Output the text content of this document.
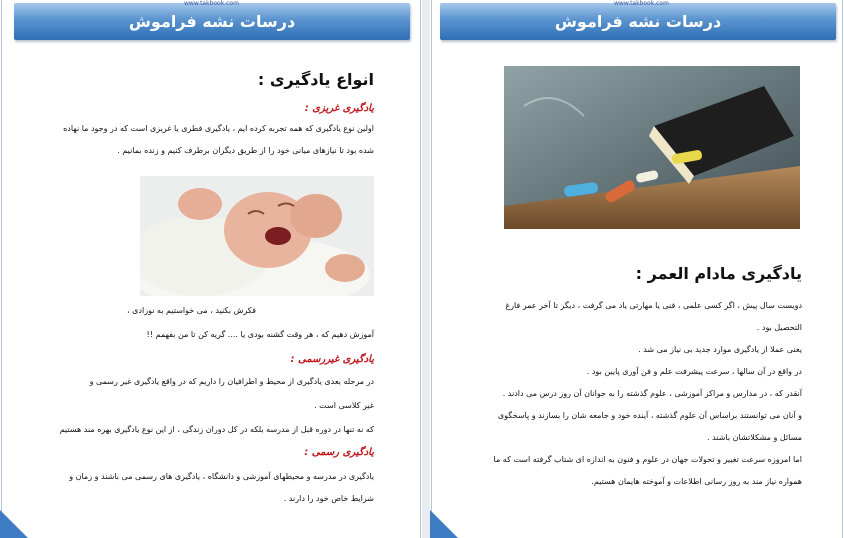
درسات نشه فراموش
www.takbook.com
انواع یادگیری :
یادگیری غریزی :
اولین نوع یادگیری که همه تجربه کرده ایم ، یادگیری فطری یا غریزی است که در وجود ما نهاده
شده بود تا نیازهای میانی خود را از طریق دیگران برطرف کنیم و زنده بمانیم .
فکرش بکنید ، می خواستیم به نوزادی ،
آموزش دهیم که ، هر وقت گشنه بودی یا .... گریه کن تا من بفهمم !!
یادگیری غیررسمی :
در مرحله بعدی یادگیری از محیط و اطرافیان را داریم که در واقع یادگیری غیر رسمی و
غیر کلاسی است .
که نه تنها در دوره قبل از مدرسه بلکه در کل دوران زندگی ، از این نوع یادگیری بهره مند هستیم
یادگیری رسمی :
یادگیری در مدرسه و محیطهای آموزشی و دانشگاه ، یادگیری های رسمی می باشند و زمان و
شرایط خاص خود را دارند .
درسات نشه فراموش
www.takbook.com
یادگیری مادام العمر :
دویست سال پیش ، اگر کسی علمی ، فنی یا مهارتی یاد می گرفت ، دیگر تا آخر عمر فارغ
التحصیل بود .
یعنی عملا از یادگیری موارد جدید بی نیاز می شد .
در واقع در آن سالها ، سرعت پیشرفت علم و فن آوری پایین بود .
آنقدر که ، در مدارس و مراکز آموزشی ، علوم گذشته را به جوانان آن روز درس می دادند .
و آنان می توانستند براساس آن علوم گذشته ، آینده خود و جامعه شان را بسازند و پاسخگوی
مسائل و مشکلاتشان باشند .
اما امروزه سرعت تغییر و تحولات جهان در علوم و فنون به اندازه ای شتاب گرفته است که ما
همواره نیاز مند به روز رسانی اطلاعات و آموخته هایمان هستیم.
